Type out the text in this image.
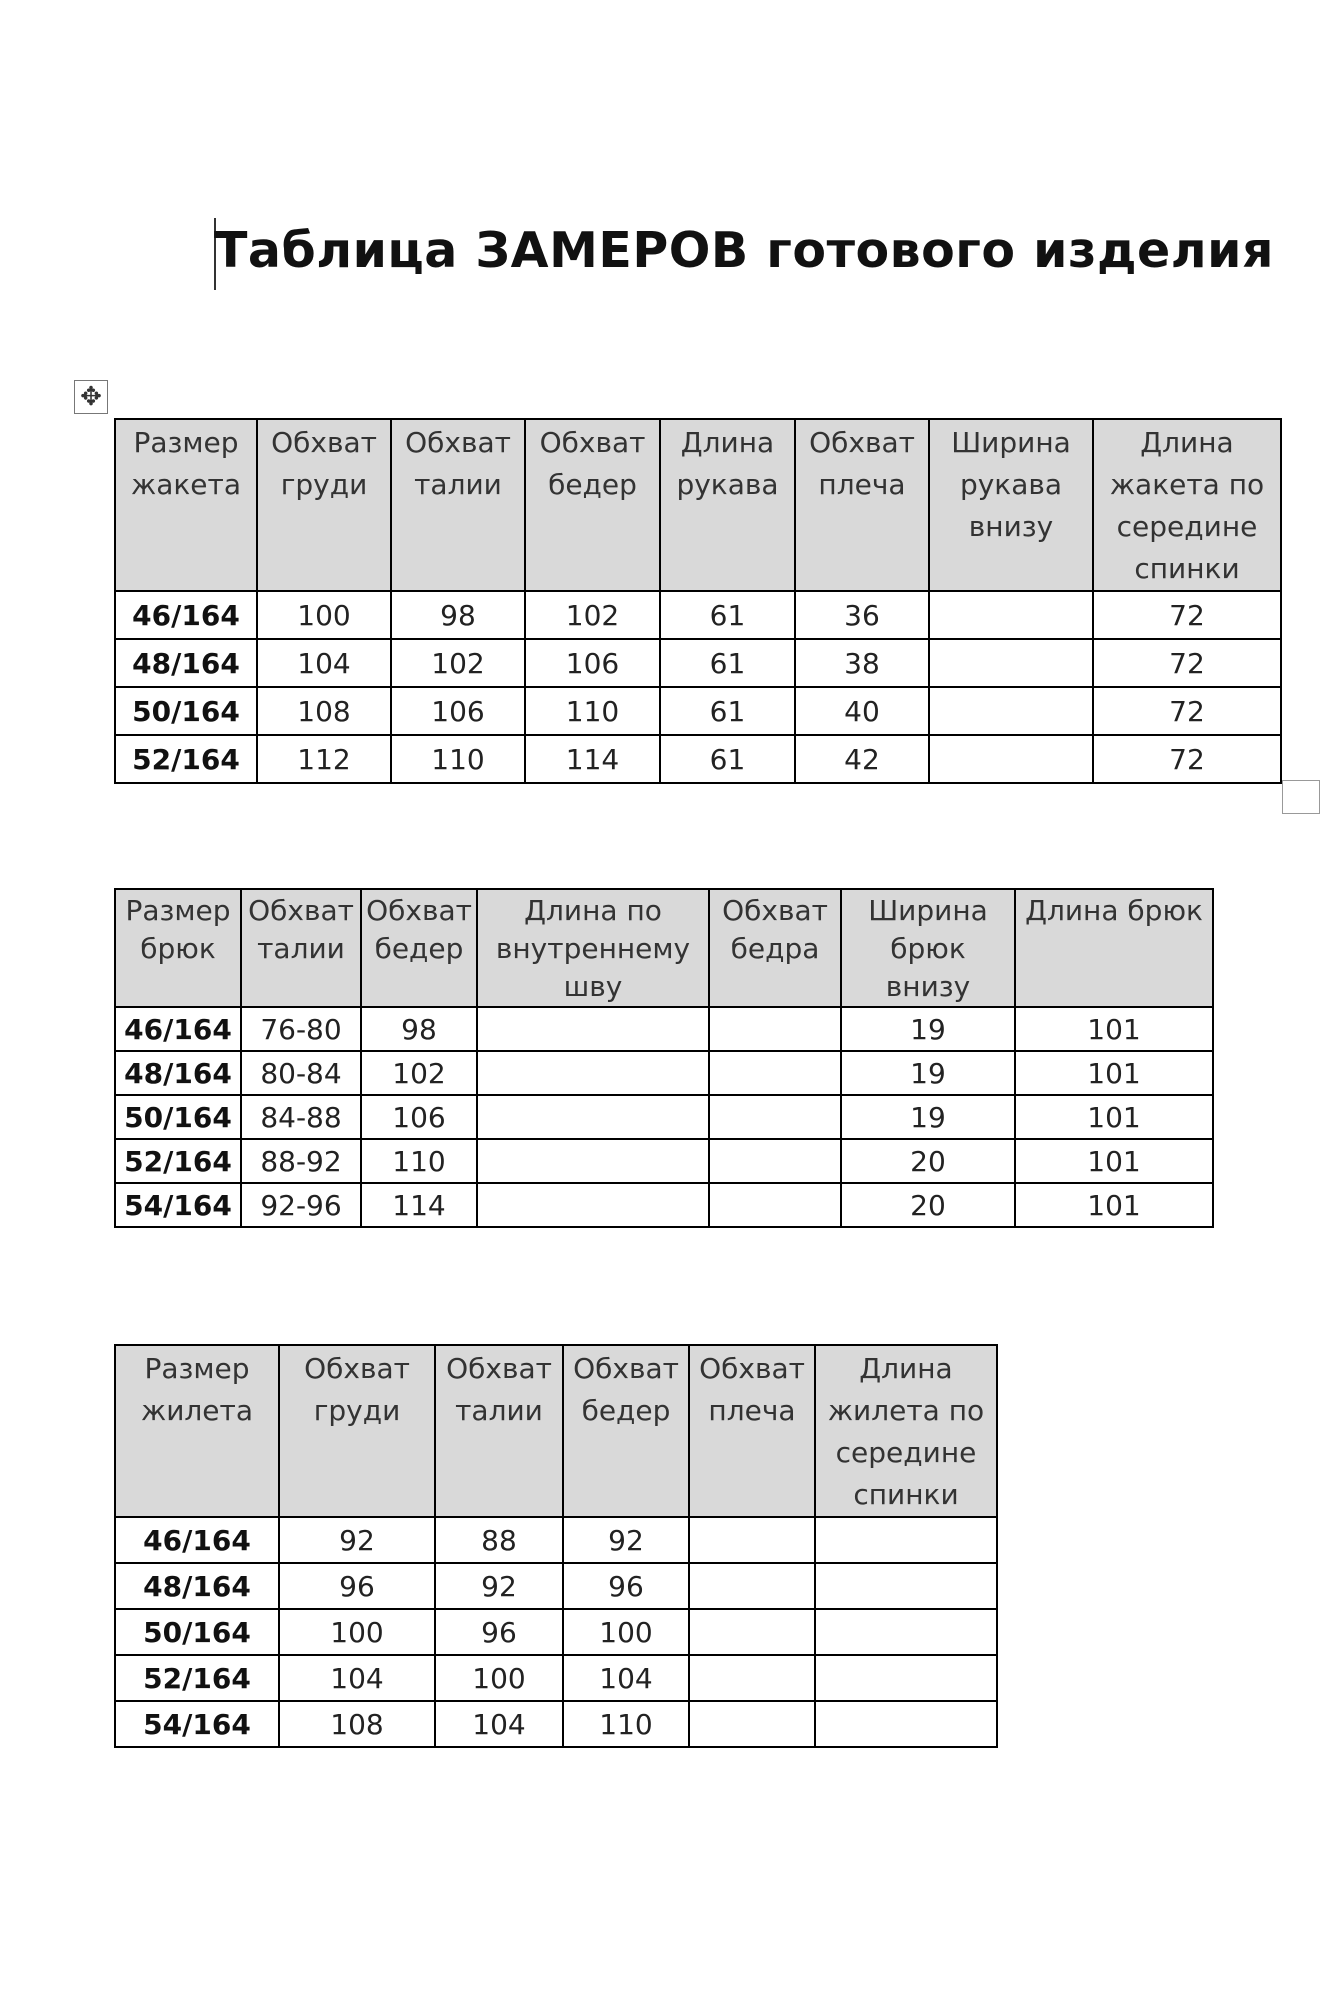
Таблица ЗАМЕРОВ готового изделия
✥
Размер жакета	Обхват груди	Обхват талии	Обхват бедер	Длина рукава	Обхват плеча	Ширина рукава внизу	Длина жакета по середине спинки
46/164	100	98	102	61	36		72
48/164	104	102	106	61	38		72
50/164	108	106	110	61	40		72
52/164	112	110	114	61	42		72
Размер брюк	Обхват талии	Обхват бедер	Длина по внутреннему шву	Обхват бедра	Ширина брюк внизу	Длина брюк
46/164	76-80	98			19	101
48/164	80-84	102			19	101
50/164	84-88	106			19	101
52/164	88-92	110			20	101
54/164	92-96	114			20	101
Размер жилета	Обхват груди	Обхват талии	Обхват бедер	Обхват плеча	Длина жилета по середине спинки
46/164	92	88	92		
48/164	96	92	96		
50/164	100	96	100		
52/164	104	100	104		
54/164	108	104	110		
